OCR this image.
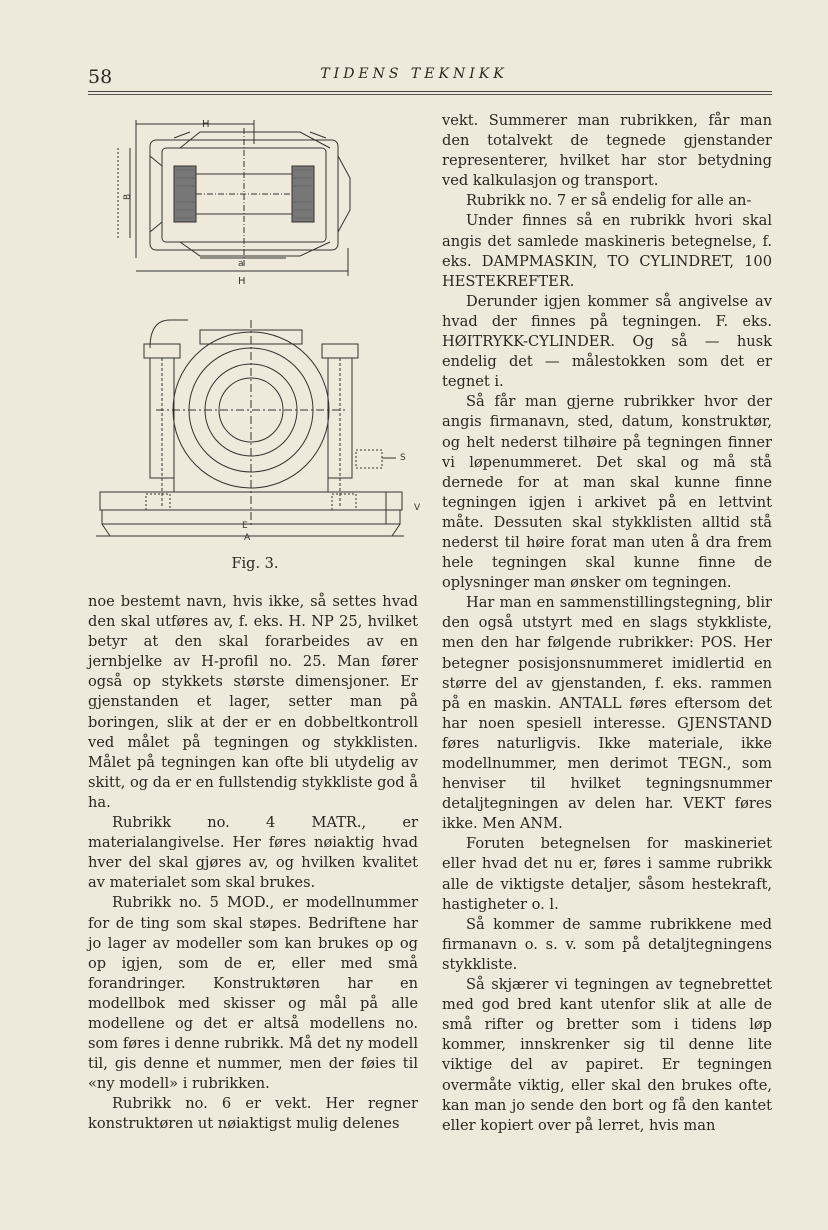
58	TIDENS TEKNIKK
H
B
a
H
S
V
E
A
Fig. 3.

noe bestemt navn, hvis ikke, så settes hvad den skal utføres av, f. eks. H. NP 25, hvilket betyr at den skal forarbeides av en jernbjelke av H-profil no. 25. Man fører også op stykkets største dimensjoner. Er gjenstanden et lager, setter man på boringen, slik at der er en dobbeltkontroll ved målet på tegningen og stykklisten. Målet på tegningen kan ofte bli utydelig av skitt, og da er en fullstendig stykkliste god å ha.

Rubrikk no. 4 MATR., er materialangivelse. Her føres nøiaktig hvad hver del skal gjøres av, og hvilken kvalitet av materialet som skal brukes.

Rubrikk no. 5 MOD., er modellnummer for de ting som skal støpes. Bedriftene har jo lager av modeller som kan brukes op og op igjen, som de er, eller med små forandringer. Konstruktøren har en modellbok med skisser og mål på alle modellene og det er altså modellens no. som føres i denne rubrikk. Må det ny modell til, gis denne et nummer, men der føies til «ny modell» i rubrikken.

Rubrikk no. 6 er vekt. Her regner konstruktøren ut nøiaktigst mulig delenes

vekt. Summerer man rubrikken, får man den totalvekt de tegnede gjenstander representerer, hvilket har stor betydning ved kalkulasjon og transport.

Rubrikk no. 7 er så endelig for alle an-

Under finnes så en rubrikk hvori skal angis det samlede maskineris betegnelse, f. eks. DAMPMASKIN, TO CYLINDRET, 100 HESTEKREFTER.

Derunder igjen kommer så angivelse av hvad der finnes på tegningen. F. eks. HØITRYKK-CYLINDER. Og så — husk endelig det — målestokken som det er tegnet i.

Så får man gjerne rubrikker hvor der angis firmanavn, sted, datum, konstruktør, og helt nederst tilhøire på tegningen finner vi løpenummeret. Det skal og må stå dernede for at man skal kunne finne tegningen igjen i arkivet på en lettvint måte. Dessuten skal stykklisten alltid stå nederst til høire forat man uten å dra frem hele tegningen skal kunne finne de oplysninger man ønsker om tegningen.

Har man en sammenstillingstegning, blir den også utstyrt med en slags stykkliste, men den har følgende rubrikker: POS. Her betegner posisjonsnummeret imidlertid en større del av gjenstanden, f. eks. rammen på en maskin. ANTALL føres eftersom det har noen spesiell interesse. GJENSTAND føres naturligvis. Ikke materiale, ikke modellnummer, men derimot TEGN., som henviser til hvilket tegningsnummer detaljtegningen av delen har. VEKT føres ikke. Men ANM.

Foruten betegnelsen for maskineriet eller hvad det nu er, føres i samme rubrikk alle de viktigste detaljer, såsom hestekraft, hastigheter o. l.

Så kommer de samme rubrikkene med firmanavn o. s. v. som på detaljtegningens stykkliste.

Så skjærer vi tegningen av tegnebrettet med god bred kant utenfor slik at alle de små rifter og bretter som i tidens løp kommer, innskrenker sig til denne lite viktige del av papiret. Er tegningen overmåte viktig, eller skal den brukes ofte, kan man jo sende den bort og få den kantet eller kopiert over på lerret, hvis man
